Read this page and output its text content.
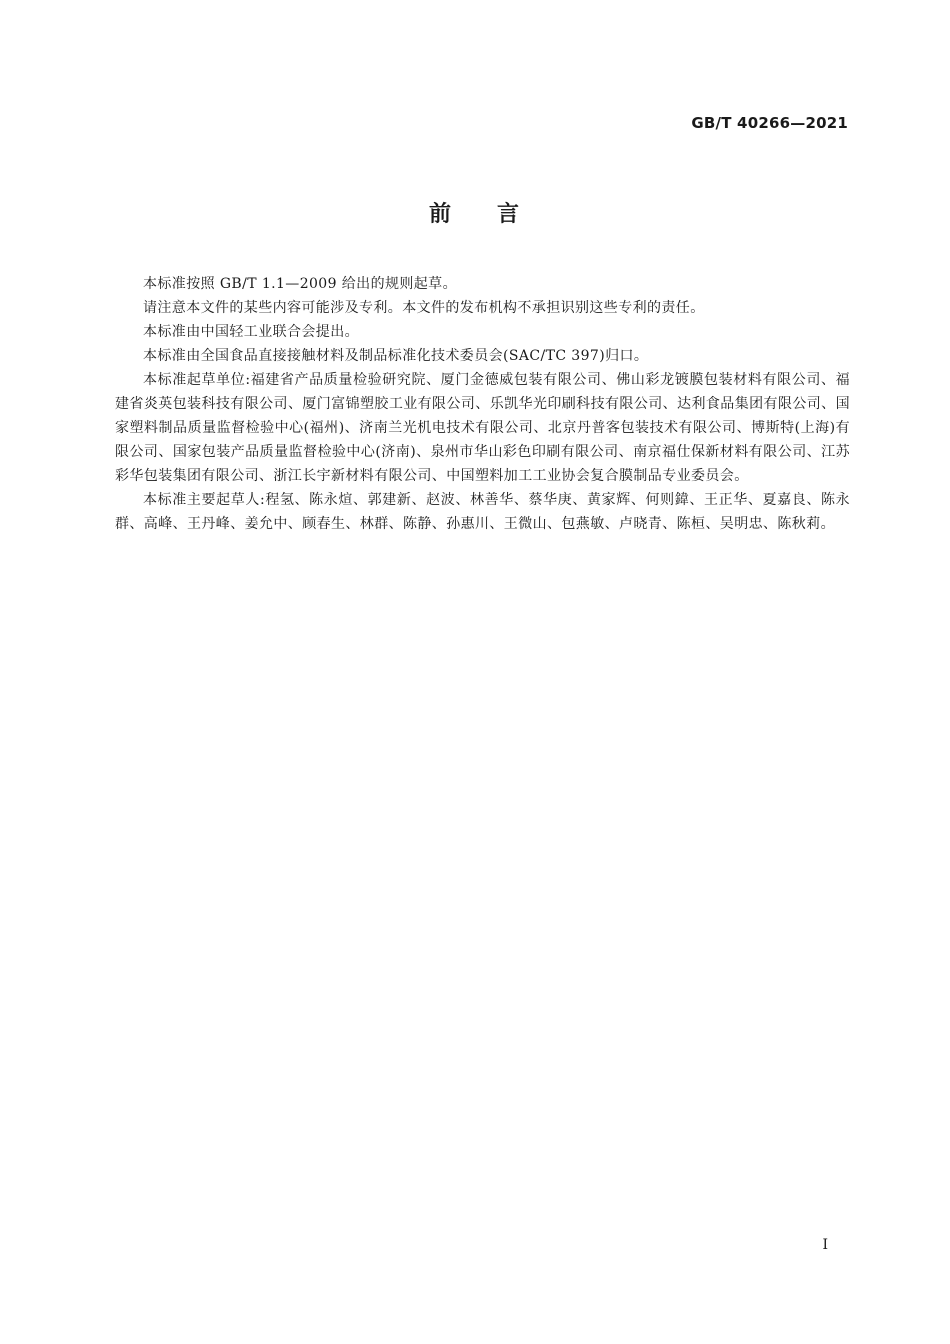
GB/T 40266—2021
前 言

本标准按照 GB/T 1.1—2009 给出的规则起草。

请注意本文件的某些内容可能涉及专利。本文件的发布机构不承担识别这些专利的责任。

本标准由中国轻工业联合会提出。

本标准由全国食品直接接触材料及制品标准化技术委员会(SAC/TC 397)归口。

本标准起草单位:福建省产品质量检验研究院、厦门金德威包装有限公司、佛山彩龙镀膜包装材料有限公司、福建省炎英包装科技有限公司、厦门富锦塑胶工业有限公司、乐凯华光印刷科技有限公司、达利食品集团有限公司、国家塑料制品质量监督检验中心(福州)、济南兰光机电技术有限公司、北京丹普客包装技术有限公司、博斯特(上海)有限公司、国家包装产品质量监督检验中心(济南)、泉州市华山彩色印刷有限公司、南京福仕保新材料有限公司、江苏彩华包装集团有限公司、浙江长宇新材料有限公司、中国塑料加工工业协会复合膜制品专业委员会。

本标准主要起草人:程氢、陈永煊、郭建新、赵波、林善华、蔡华庚、黄家辉、何则鍏、王正华、夏嘉良、陈永群、高峰、王丹峰、姜允中、顾春生、林群、陈静、孙惠川、王微山、包燕敏、卢晓青、陈桓、吴明忠、陈秋莉。

I
